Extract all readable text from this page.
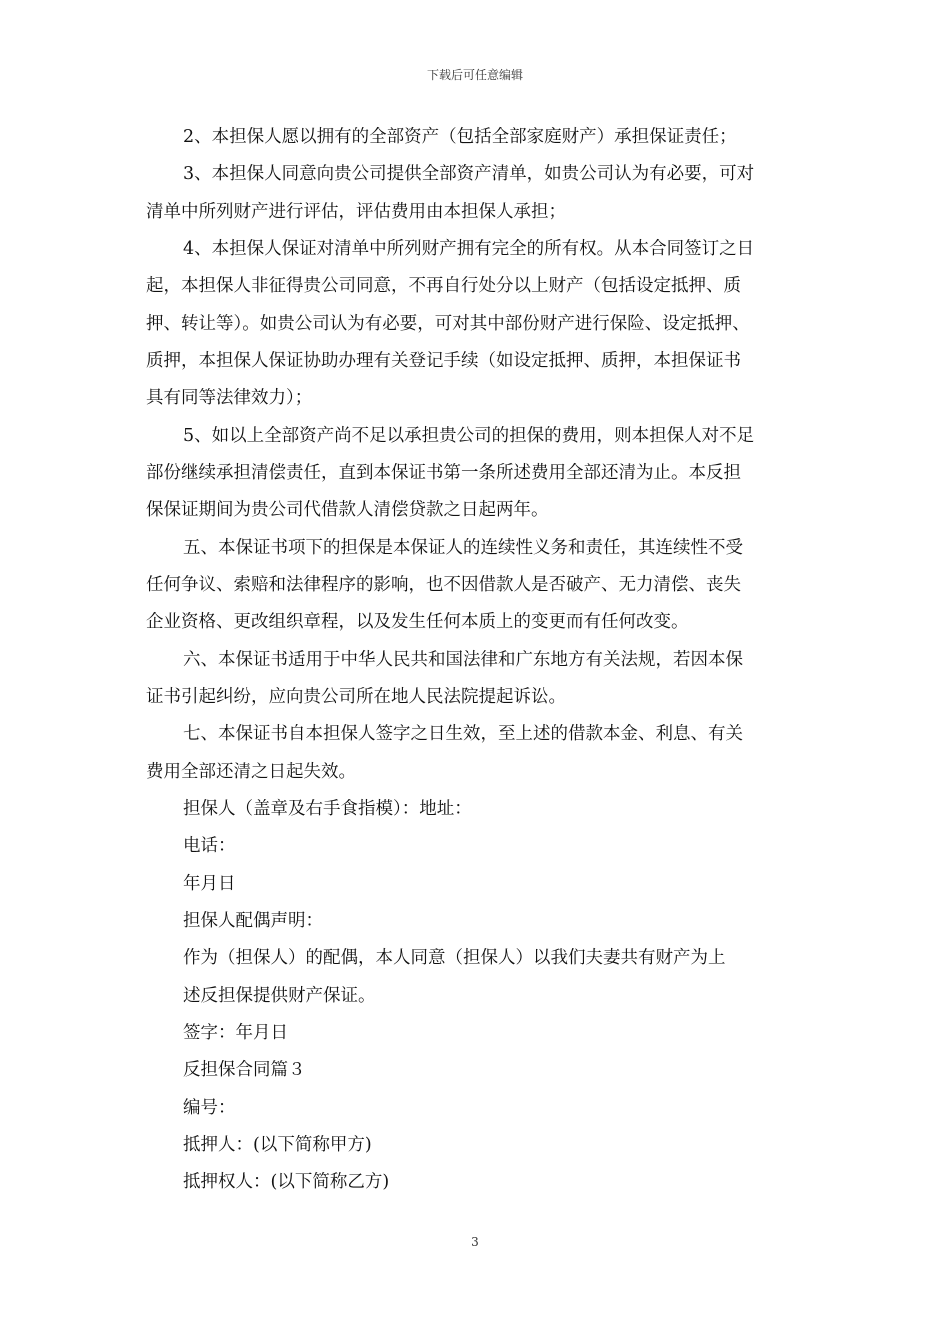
下载后可任意编辑
2、本担保人愿以拥有的全部资产（包括全部家庭财产）承担保证责任；
3、本担保人同意向贵公司提供全部资产清单，如贵公司认为有必要，可对
清单中所列财产进行评估，评估费用由本担保人承担；
4、本担保人保证对清单中所列财产拥有完全的所有权。从本合同签订之日
起，本担保人非征得贵公司同意，不再自行处分以上财产（包括设定抵押、质
押、转让等）。如贵公司认为有必要，可对其中部份财产进行保险、设定抵押、
质押，本担保人保证协助办理有关登记手续（如设定抵押、质押，本担保证书
具有同等法律效力）；
5、如以上全部资产尚不足以承担贵公司的担保的费用，则本担保人对不足
部份继续承担清偿责任，直到本保证书第一条所述费用全部还清为止。本反担
保保证期间为贵公司代借款人清偿贷款之日起两年。
五、本保证书项下的担保是本保证人的连续性义务和责任，其连续性不受
任何争议、索赔和法律程序的影响，也不因借款人是否破产、无力清偿、丧失
企业资格、更改组织章程，以及发生任何本质上的变更而有任何改变。
六、本保证书适用于中华人民共和国法律和广东地方有关法规，若因本保
证书引起纠纷，应向贵公司所在地人民法院提起诉讼。
七、本保证书自本担保人签字之日生效，至上述的借款本金、利息、有关
费用全部还清之日起失效。
担保人（盖章及右手食指模）：地址：
电话：
年月日
担保人配偶声明：
作为（担保人）的配偶，本人同意（担保人）以我们夫妻共有财产为上
述反担保提供财产保证。
签字：年月日
反担保合同篇３
编号：
抵押人：(以下简称甲方)
抵押权人：(以下简称乙方)
3
